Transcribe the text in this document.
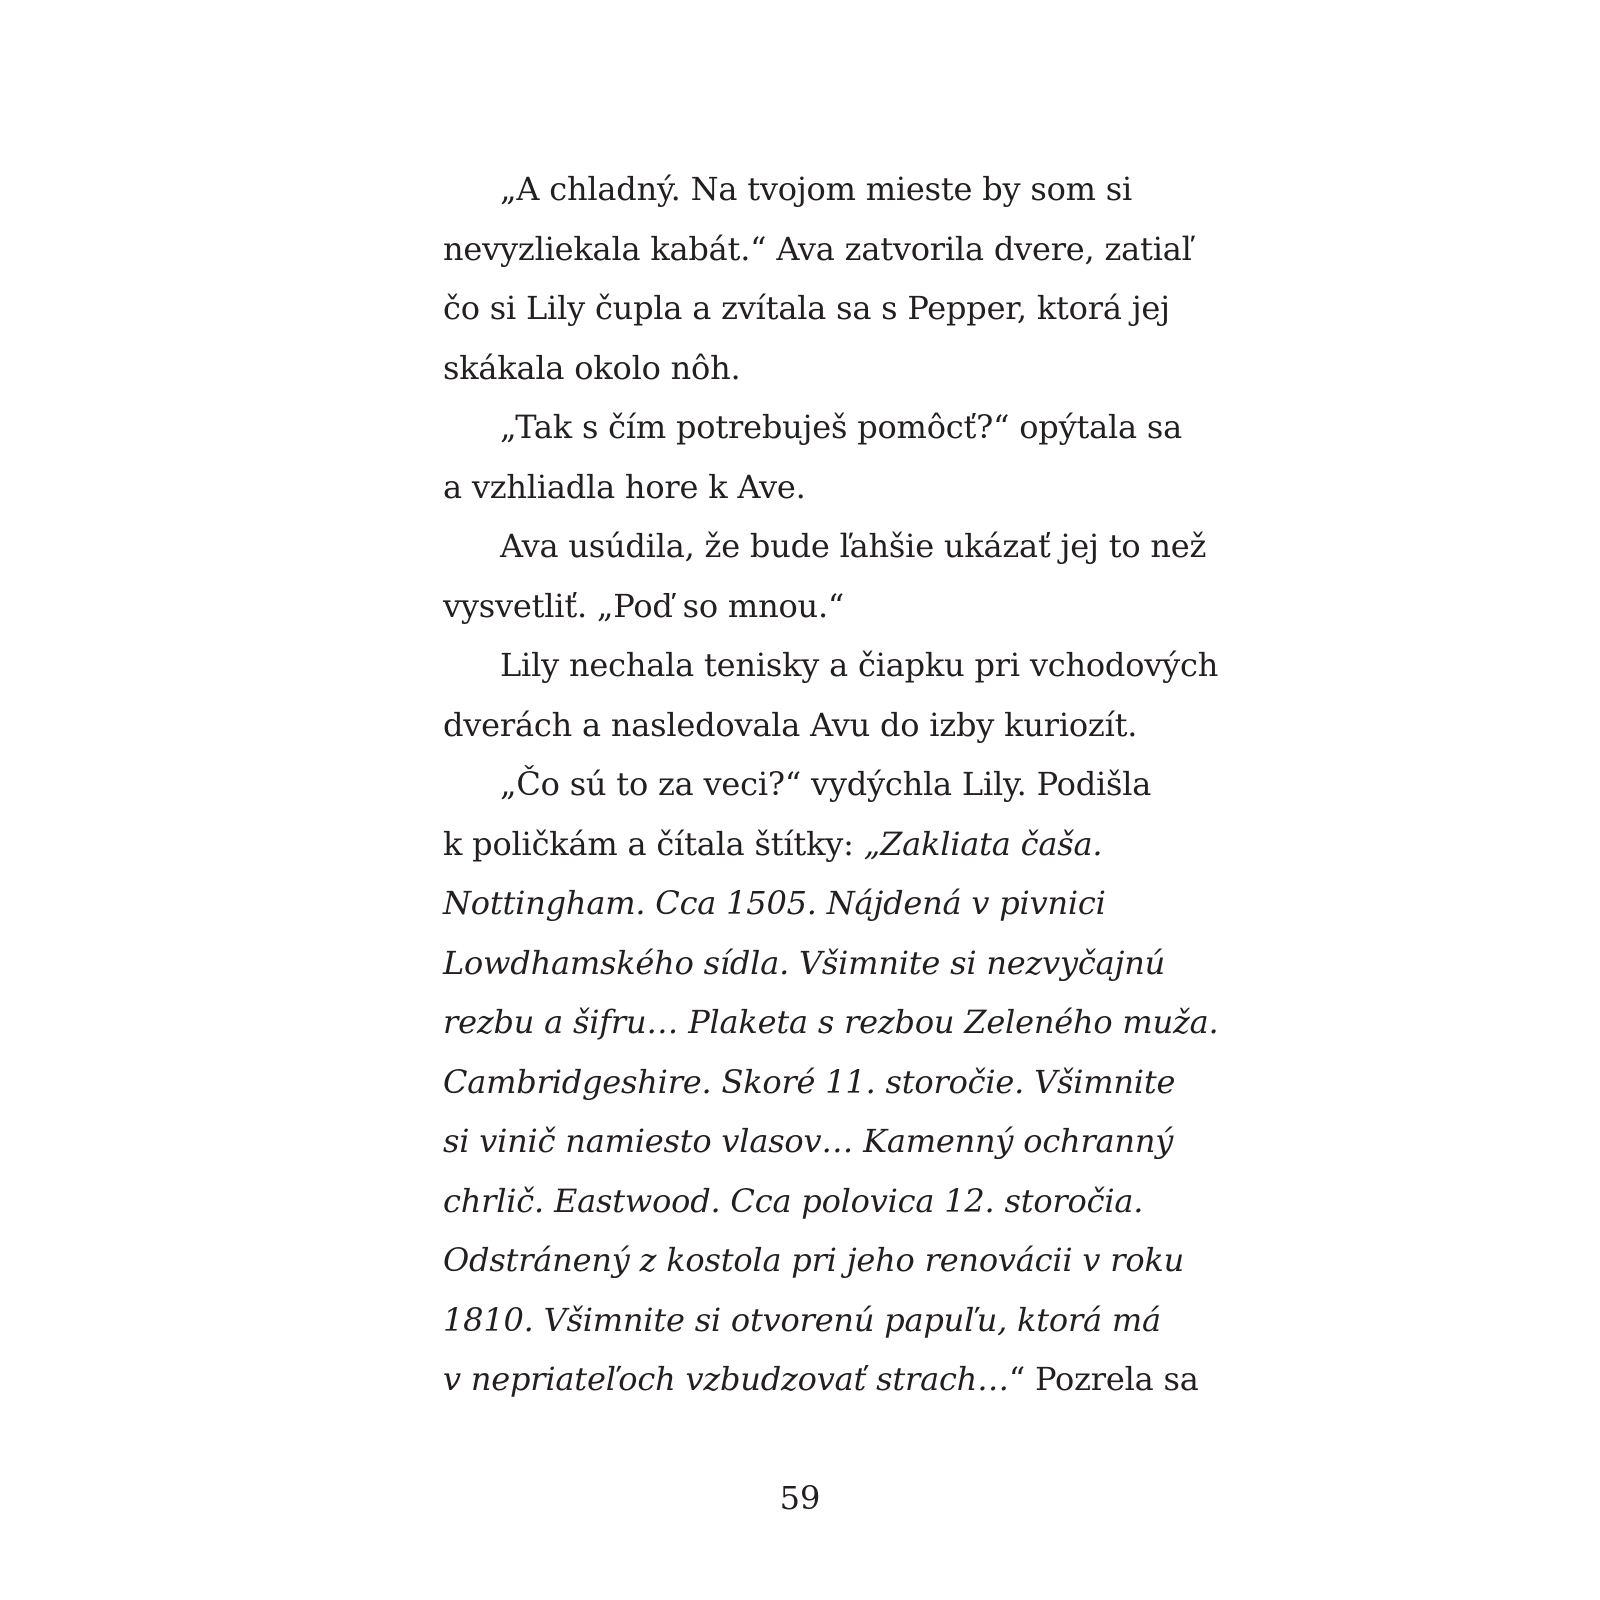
„A chladný. Na tvojom mieste by som si
nevyzliekala kabát.“ Ava zatvorila dvere, zatiaľ
čo si Lily čupla a zvítala sa s Pepper, ktorá jej
skákala okolo nôh.
„Tak s čím potrebuješ pomôcť?“ opýtala sa
a vzhliadla hore k Ave.
Ava usúdila, že bude ľahšie ukázať jej to než
vysvetliť. „Poď so mnou.“
Lily nechala tenisky a čiapku pri vchodových
dverách a nasledovala Avu do izby kuriozít.
„Čo sú to za veci?“ vydýchla Lily. Podišla
k poličkám a čítala štítky: „Zakliata čaša.
Nottingham. Cca 1505. Nájdená v pivnici
Lowdhamského sídla. Všimnite si nezvyčajnú
rezbu a šifru… Plaketa s rezbou Zeleného muža.
Cambridgeshire. Skoré 11. storočie. Všimnite
si vinič namiesto vlasov… Kamenný ochranný
chrlič. Eastwood. Cca polovica 12. storočia.
Odstránený z kostola pri jeho renovácii v roku
1810. Všimnite si otvorenú papuľu, ktorá má
v nepriateľoch vzbudzovať strach…“ Pozrela sa
59
